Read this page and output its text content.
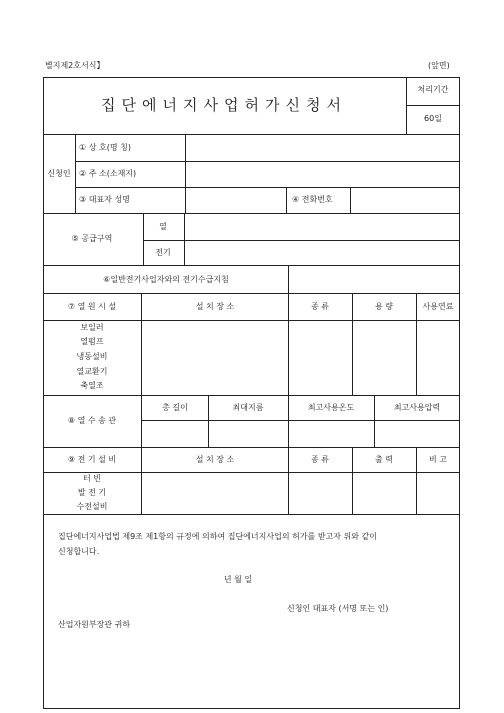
별지제2호서식】	(앞면)
집단에너지사업허가신청서
처리기간
60일
신청인
① 상 호(명 칭)
② 주 소(소재지)
③ 대표자 성명	④ 전화번호
⑤ 공급구역
열
전기
⑥일반전기사업자와의 전기수급지침
⑦ 열 원 시 설	설 치 장 소	종 류	용 량	사용연료
보일러
열펌프
냉동설비
열교환기
축열조
⑧ 열 수 송 관
총 길이	최대지름	최고사용온도	최고사용압력
⑨ 전 기 설 비	설 치 장 소	종 류	출 력	비 고
터 빈
발 전 기
수전설비
집단에너지사업법 제9조 제1항의 규정에 의하여 집단에너지사업의 허가를 받고자 위와 같이
신청합니다.
년 월 일
신청인 대표자 (서명 또는 인)
산업자원부장관 귀하
